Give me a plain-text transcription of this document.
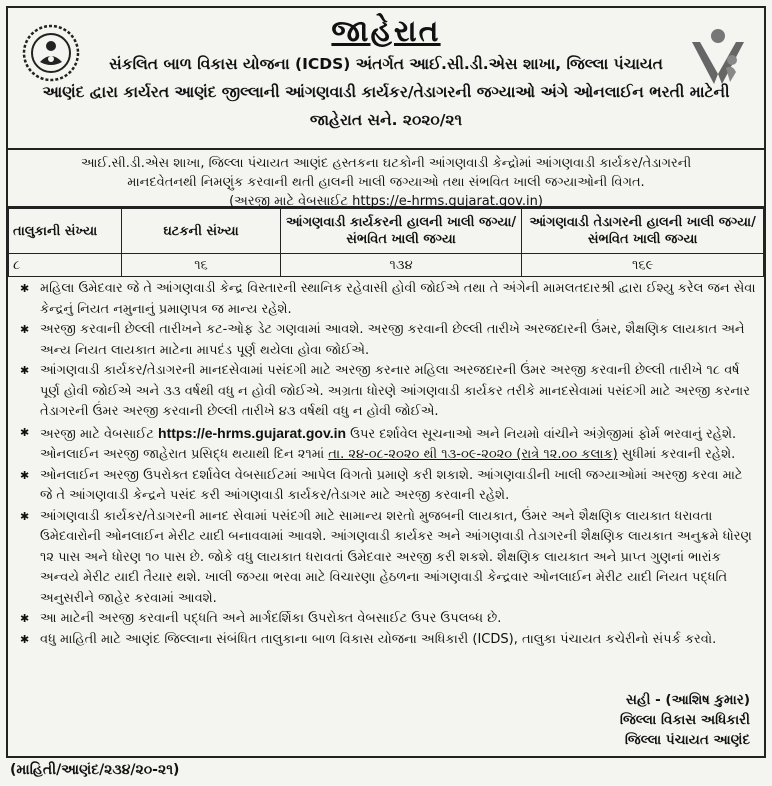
જાહેરાત
સંકલિત બાળ વિકાસ યોજના (ICDS) અંતર્ગત આઈ.સી.ડી.એસ શાખા, જિલ્લા પંચાયત
આણંદ દ્વારા કાર્યરત આણંદ જીલ્લાની આંગણવાડી કાર્યકર/તેડાગરની જગ્યાઓ અંગે ઓનલાઈન ભરતી માટેની
જાહેરાત સને. ૨૦૨૦/૨૧
આઈ.સી.ડી.એસ શાખા, જિલ્લા પંચાયત આણંદ હસ્તકના ઘટકોની આંગણવાડી કેન્દ્રોમાં આંગણવાડી કાર્યકર/તેડાગરની
માનદવેતનથી નિમણુંક કરવાની થતી હાલની ખાલી જગ્યાઓ તથા સંભવિત ખાલી જગ્યાઓની વિગત.
(અરજી માટે વેબસાઈટ https://e-hrms.gujarat.gov.in)
તાલુકાની સંખ્યા	ઘટકની સંખ્યા	આંગણવાડી કાર્યકરની હાલની ખાલી જગ્યા/સંભવિત ખાલી જગ્યા	આંગણવાડી તેડાગરની હાલની ખાલી જગ્યા/સંભવિત ખાલી જગ્યા
૮	૧૬	૧૩૪	૧૬૯
✱ મહિલા ઉમેદવાર જે તે આંગણવાડી કેન્દ્ર વિસ્તારની સ્થાનિક રહેવાસી હોવી જોઈએ તથા તે અંગેની મામલતદારશ્રી દ્વારા ઈશ્યુ કરેલ જન સેવા કેન્દ્રનું નિયત નમુનાનું પ્રમાણપત્ર જ માન્ય રહેશે.
✱ અરજી કરવાની છેલ્લી તારીખને કટ-ઓફ ડેટ ગણવામાં આવશે. અરજી કરવાની છેલ્લી તારીખે અરજદારની ઉંમર, શૈક્ષણિક લાયકાત અને અન્ય નિયત લાયકાત માટેના માપદંડ પૂર્ણ થયેલા હોવા જોઈએ.
✱ આંગણવાડી કાર્યકર/તેડાગરની માનદસેવામાં પસંદગી માટે અરજી કરનાર મહિલા અરજદારની ઉંમર અરજી કરવાની છેલ્લી તારીખે ૧૮ વર્ષ પૂર્ણ હોવી જોઈએ અને ૩૩ વર્ષથી વધુ ન હોવી જોઈએ. અગ્રતા ધોરણે આંગણવાડી કાર્યકર તરીકે માનદસેવામાં પસંદગી માટે અરજી કરનાર તેડાગરની ઉંમર અરજી કરવાની છેલ્લી તારીખે ૪૩ વર્ષથી વધુ ન હોવી જોઈએ.
✱ અરજી માટે વેબસાઈટ https://e-hrms.gujarat.gov.in ઉપર દર્શાવેલ સૂચનાઓ અને નિયમો વાંચીને અંગ્રેજીમાં ફોર્મ ભરવાનું રહેશે. ઓનલાઈન અરજી જાહેરાત પ્રસિદ્ધ થયાથી દિન ૨૧માં તા. ૨૪-૦૮-૨૦૨૦ થી ૧૩-૦૯-૨૦૨૦ (રાત્રે ૧૨.૦૦ કલાક) સુધીમાં કરવાની રહેશે.
✱ ઓનલાઈન અરજી ઉપરોક્ત દર્શાવેલ વેબસાઈટમાં આપેલ વિગતો પ્રમાણે કરી શકાશે. આંગણવાડીની ખાલી જગ્યાઓમાં અરજી કરવા માટે જે તે આંગણવાડી કેન્દ્રને પસંદ કરી આંગણવાડી કાર્યકર/તેડાગર માટે અરજી કરવાની રહેશે.
✱ આંગણવાડી કાર્યકર/તેડાગરની માનદ સેવામાં પસંદગી માટે સામાન્ય શરતો મુજબની લાયકાત, ઉંમર અને શૈક્ષણિક લાયકાત ધરાવતા ઉમેદવારોની ઓનલાઈન મેરીટ યાદી બનાવવામાં આવશે. આંગણવાડી કાર્યકર અને આંગણવાડી તેડાગરની શૈક્ષણિક લાયકાત અનુક્રમે ધોરણ ૧૨ પાસ અને ધોરણ ૧૦ પાસ છે. જોકે વધુ લાયકાત ધરાવતાં ઉમેદવાર અરજી કરી શકશે. શૈક્ષણિક લાયકાત અને પ્રાપ્ત ગુણનાં ભારાંક અન્વયે મેરીટ યાદી તૈયાર થશે. ખાલી જગ્યા ભરવા માટે વિચારણા હેઠળના આંગણવાડી કેન્દ્રવાર ઓનલાઈન મેરીટ યાદી નિયત પદ્ધતિ અનુસરીને જાહેર કરવામાં આવશે.
✱ આ માટેની અરજી કરવાની પદ્ધતિ અને માર્ગદર્શિકા ઉપરોક્ત વેબસાઈટ ઉપર ઉપલબ્ધ છે.
✱ વધુ માહિતી માટે આણંદ જિલ્લાના સંબંધિત તાલુકાના બાળ વિકાસ યોજના અધિકારી (ICDS), તાલુકા પંચાયત કચેરીનો સંપર્ક કરવો.
સહી - (આશિષ કુમાર)
જિલ્લા વિકાસ અધિકારી
જિલ્લા પંચાયત આણંદ
(માહિતી/આણંદ/૨૩૪/૨૦-૨૧)
